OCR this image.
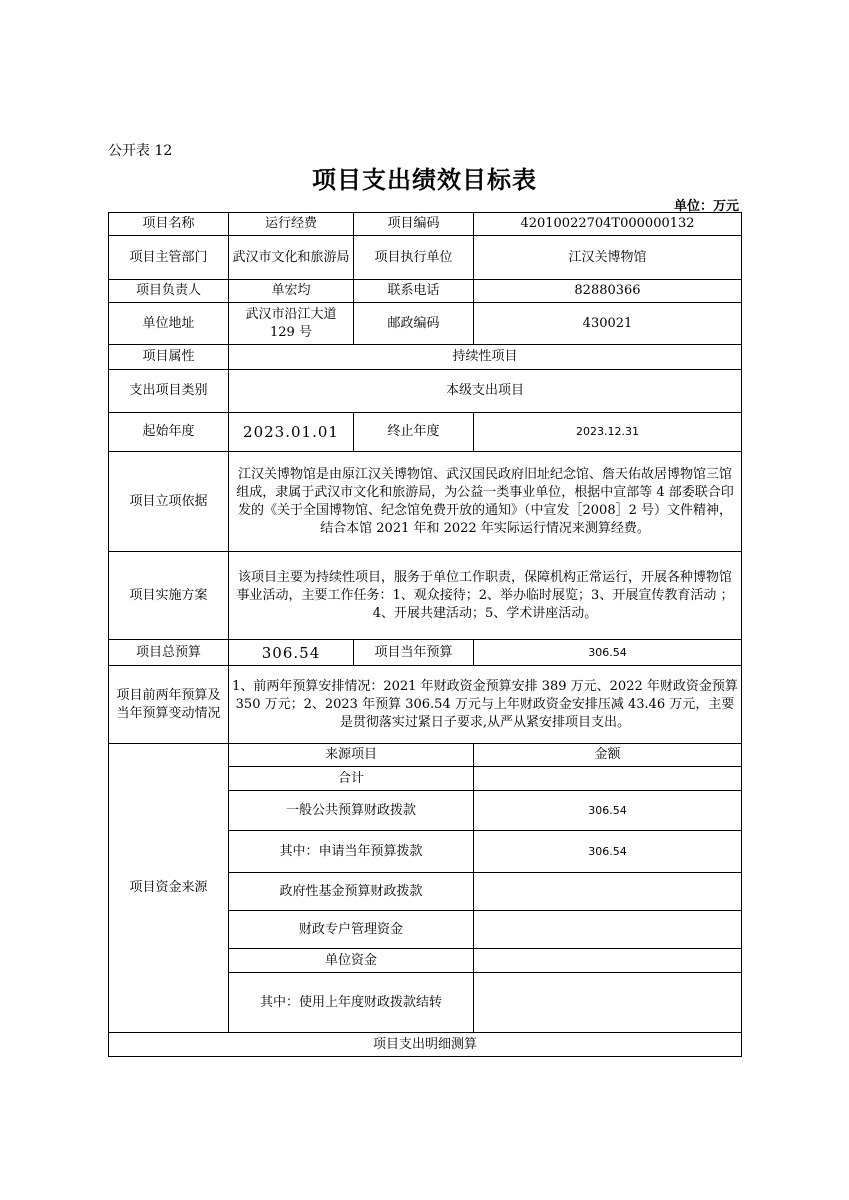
公开表 12
项目支出绩效目标表
单位：万元
项目名称	运行经费	项目编码	42010022704T000000132
项目主管部门	武汉市文化和旅游局	项目执行单位	江汉关博物馆
项目负责人	单宏均	联系电话	82880366
单位地址	武汉市沿江大道 129 号	邮政编码	430021
项目属性	持续性项目		
支出项目类别	本级支出项目		
起始年度	2023.01.01	终止年度	2023.12.31
项目立项依据	江汉关博物馆是由原江汉关博物馆、武汉国民政府旧址纪念馆、詹天佑故居博物馆三馆组成，隶属于武汉市文化和旅游局，为公益一类事业单位，根据中宣部等 4 部委联合印发的《关于全国博物馆、纪念馆免费开放的通知》（中宣发［2008］2 号）文件精神，结合本馆 2021 年和 2022 年实际运行情况来测算经费。		
项目实施方案	该项目主要为持续性项目，服务于单位工作职责，保障机构正常运行，开展各种博物馆事业活动，主要工作任务：1、观众接待；2、举办临时展览；3、开展宣传教育活动 ；4、开展共建活动；5、学术讲座活动。		
项目总预算	306.54	项目当年预算	306.54
项目前两年预算及当年预算变动情况	1、前两年预算安排情况：2021 年财政资金预算安排 389 万元、2022 年财政资金预算 350 万元；2、2023 年预算 306.54 万元与上年财政资金安排压减 43.46 万元，主要是贯彻落实过紧日子要求,从严从紧安排项目支出。		
项目资金来源	来源项目		金额
	合计		
	一般公共预算财政拨款		306.54
	其中：申请当年预算拨款		306.54
	政府性基金预算财政拨款		
	财政专户管理资金		
	单位资金		
	其中：使用上年度财政拨款结转		
项目支出明细测算			
